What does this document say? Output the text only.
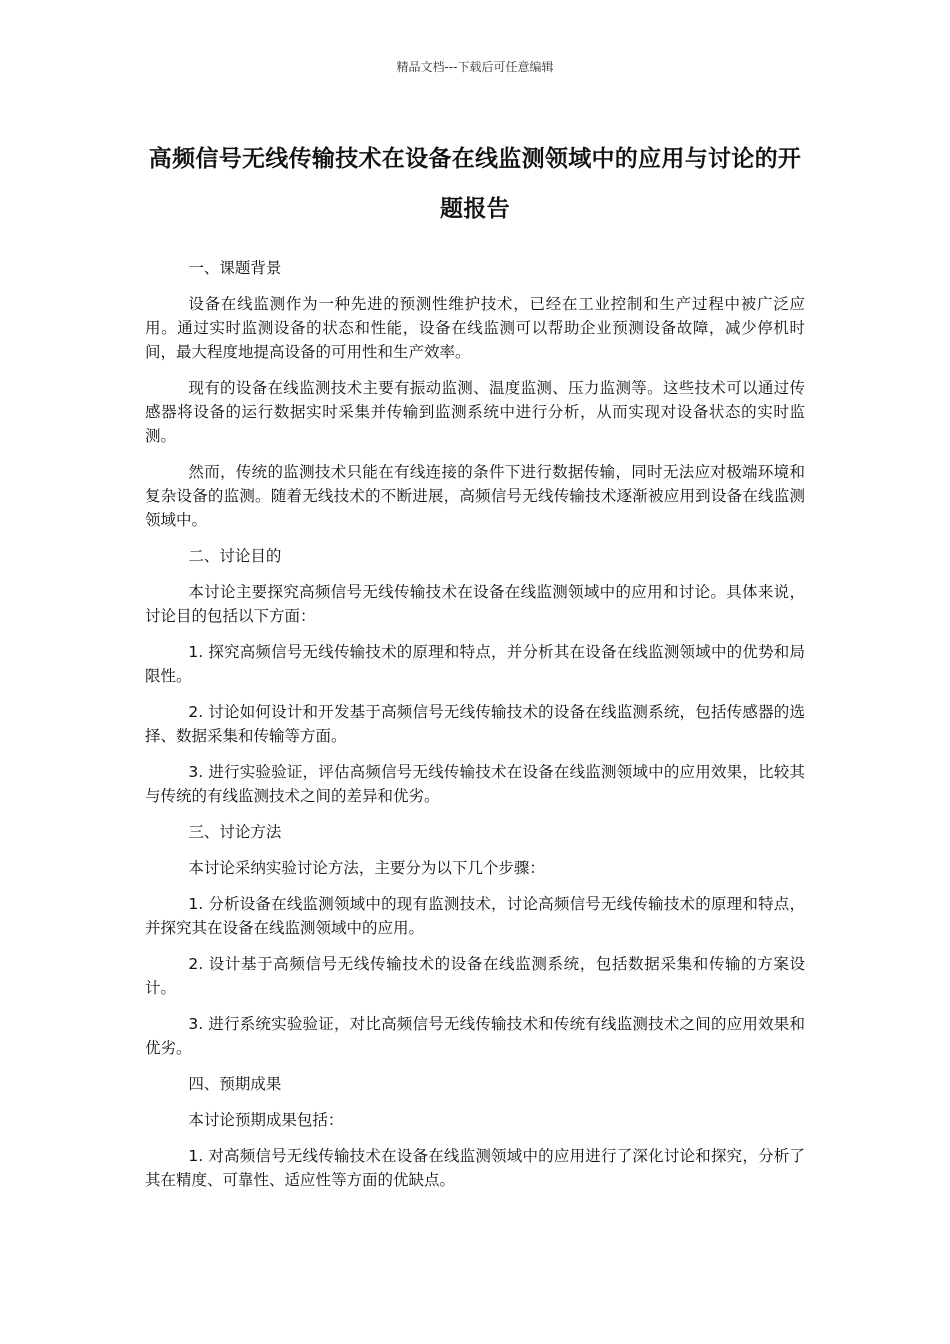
精品文档---下载后可任意编辑
高频信号无线传输技术在设备在线监测领域中的应用与讨论的开题报告
一、课题背景

设备在线监测作为一种先进的预测性维护技术，已经在工业控制和生产过程中被广泛应用。通过实时监测设备的状态和性能，设备在线监测可以帮助企业预测设备故障，减少停机时间，最大程度地提高设备的可用性和生产效率。

现有的设备在线监测技术主要有振动监测、温度监测、压力监测等。这些技术可以通过传感器将设备的运行数据实时采集并传输到监测系统中进行分析，从而实现对设备状态的实时监测。

然而，传统的监测技术只能在有线连接的条件下进行数据传输，同时无法应对极端环境和复杂设备的监测。随着无线技术的不断进展，高频信号无线传输技术逐渐被应用到设备在线监测领域中。

二、讨论目的

本讨论主要探究高频信号无线传输技术在设备在线监测领域中的应用和讨论。具体来说，讨论目的包括以下方面：

1. 探究高频信号无线传输技术的原理和特点，并分析其在设备在线监测领域中的优势和局限性。

2. 讨论如何设计和开发基于高频信号无线传输技术的设备在线监测系统，包括传感器的选择、数据采集和传输等方面。

3. 进行实验验证，评估高频信号无线传输技术在设备在线监测领域中的应用效果，比较其与传统的有线监测技术之间的差异和优劣。

三、讨论方法

本讨论采纳实验讨论方法，主要分为以下几个步骤：

1. 分析设备在线监测领域中的现有监测技术，讨论高频信号无线传输技术的原理和特点，并探究其在设备在线监测领域中的应用。

2. 设计基于高频信号无线传输技术的设备在线监测系统，包括数据采集和传输的方案设计。

3. 进行系统实验验证，对比高频信号无线传输技术和传统有线监测技术之间的应用效果和优劣。

四、预期成果

本讨论预期成果包括：

1. 对高频信号无线传输技术在设备在线监测领域中的应用进行了深化讨论和探究，分析了其在精度、可靠性、适应性等方面的优缺点。
